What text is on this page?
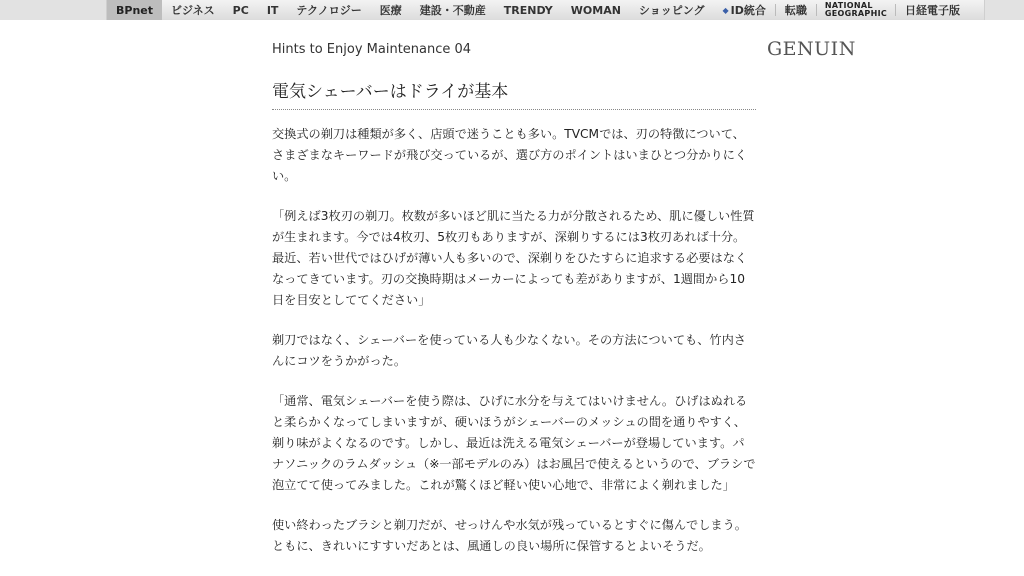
BPnet	ビジネス	PC	IT	テクノロジー	医療	建設・不動産	TRENDY	WOMAN	ショッピング	◆ ID統合	転職	NATIONAL
GEOGRAPHIC	日経電子版
Hints to Enjoy Maintenance 04	GENUIN
電気シェーバーはドライが基本

交換式の剃刀は種類が多く、店頭で迷うことも多い。TVCMでは、刃の特徴について、さまざまなキーワードが飛び交っているが、選び方のポイントはいまひとつ分かりにくい。

「例えば3枚刃の剃刀。枚数が多いほど肌に当たる力が分散されるため、肌に優しい性質が生まれます。今では4枚刃、5枚刃もありますが、深剃りするには3枚刃あれば十分。最近、若い世代ではひげが薄い人も多いので、深剃りをひたすらに追求する必要はなくなってきています。刃の交換時期はメーカーによっても差がありますが、1週間から10日を目安としててください」

剃刀ではなく、シェーバーを使っている人も少なくない。その方法についても、竹内さんにコツをうかがった。

「通常、電気シェーバーを使う際は、ひげに水分を与えてはいけません。ひげはぬれると柔らかくなってしまいますが、硬いほうがシェーバーのメッシュの間を通りやすく、剃り味がよくなるのです。しかし、最近は洗える電気シェーバーが登場しています。パナソニックのラムダッシュ（※一部モデルのみ）はお風呂で使えるというので、ブラシで泡立てて使ってみました。これが驚くほど軽い使い心地で、非常によく剃れました」

使い終わったブラシと剃刀だが、せっけんや水気が残っているとすぐに傷んでしまう。ともに、きれいにすすいだあとは、風通しの良い場所に保管するとよいそうだ。
